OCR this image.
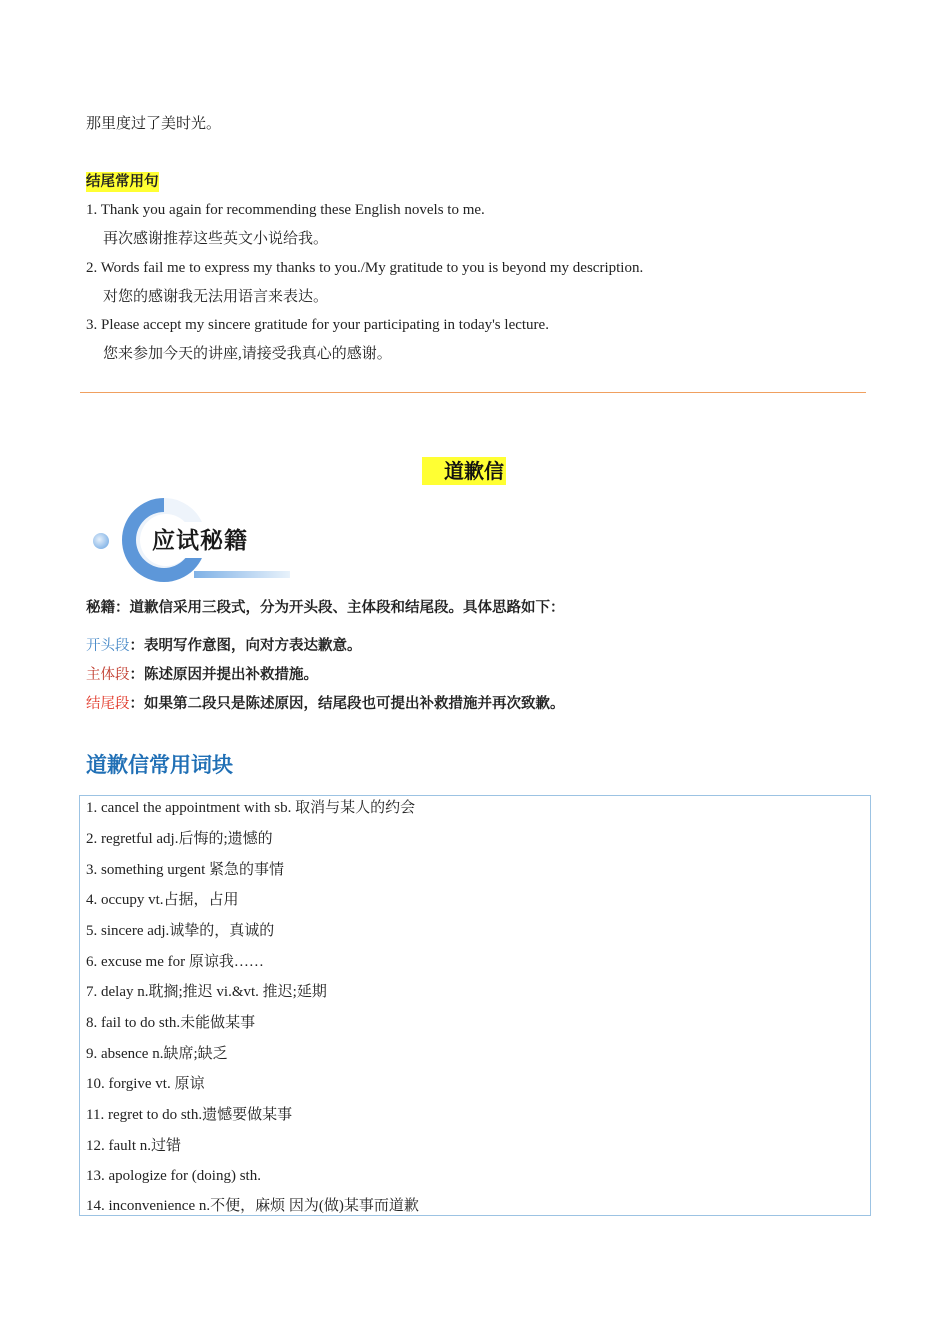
那里度过了美时光。
结尾常用句
1. Thank you again for recommending these English novels to me.
再次感谢推荐这些英文小说给我。
2. Words fail me to express my thanks to you./My gratitude to you is beyond my description.
对您的感谢我无法用语言来表达。
3. Please accept my sincere gratitude for your participating in today's lecture.
您来参加今天的讲座,请接受我真心的感谢。
道歉信
应试秘籍
秘籍：道歉信采用三段式，分为开头段、主体段和结尾段。具体思路如下：
开头段：表明写作意图，向对方表达歉意。
主体段：陈述原因并提出补救措施。
结尾段：如果第二段只是陈述原因，结尾段也可提出补救措施并再次致歉。
道歉信常用词块
1. cancel the appointment with sb. 取消与某人的约会
2. regretful adj.后悔的;遗憾的
3. something urgent 紧急的事情
4. occupy vt.占据，占用
5. sincere adj.诚挚的，真诚的
6. excuse me for 原谅我……
7. delay n.耽搁;推迟 vi.&vt. 推迟;延期
8. fail to do sth.未能做某事
9. absence n.缺席;缺乏
10. forgive vt. 原谅
11. regret to do sth.遗憾要做某事
12. fault n.过错
13. apologize for (doing) sth.
14. inconvenience n.不便，麻烦 因为(做)某事而道歉
